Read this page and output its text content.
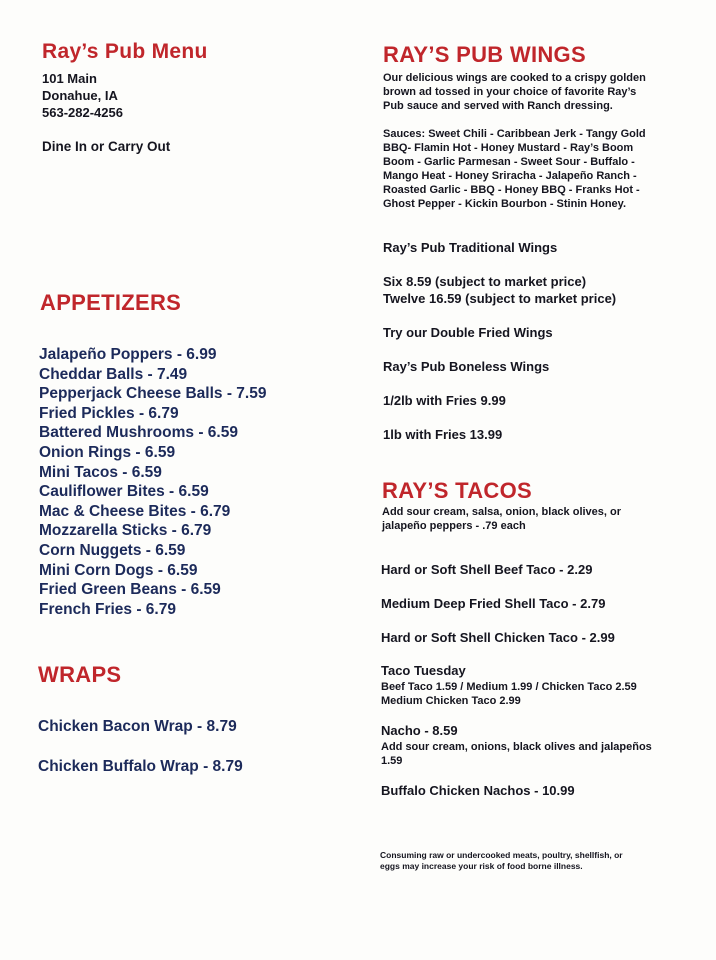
Ray’s Pub Menu

101 Main

Donahue, IA

563-282-4256

Dine In or Carry Out

APPETIZERS
Jalapeño Poppers - 6.99
Cheddar Balls - 7.49
Pepperjack Cheese Balls - 7.59
Fried Pickles - 6.79
Battered Mushrooms - 6.59
Onion Rings - 6.59
Mini Tacos - 6.59
Cauliflower Bites - 6.59
Mac & Cheese Bites - 6.79
Mozzarella Sticks - 6.79
Corn Nuggets - 6.59
Mini Corn Dogs - 6.59
Fried Green Beans - 6.59
French Fries - 6.79
WRAPS
Chicken Bacon Wrap - 8.79
Chicken Buffalo Wrap - 8.79
RAY’S PUB WINGS

Our delicious wings are cooked to a crispy golden

brown ad tossed in your choice of favorite Ray’s

Pub sauce and served with Ranch dressing.

Sauces: Sweet Chili - Caribbean Jerk - Tangy Gold

BBQ- Flamin Hot - Honey Mustard - Ray’s Boom

Boom - Garlic Parmesan - Sweet Sour - Buffalo -

Mango Heat - Honey Sriracha - Jalapeño Ranch -

Roasted Garlic - BBQ - Honey BBQ - Franks Hot -

Ghost Pepper - Kickin Bourbon - Stinin Honey.

Ray’s Pub Traditional Wings

Six 8.59 (subject to market price)

Twelve 16.59 (subject to market price)

Try our Double Fried Wings

Ray’s Pub Boneless Wings

1/2lb with Fries 9.99

1lb with Fries 13.99

RAY’S TACOS

Add sour cream, salsa, onion, black olives, or

jalapeño peppers - .79 each

Hard or Soft Shell Beef Taco - 2.29

Medium Deep Fried Shell Taco - 2.79

Hard or Soft Shell Chicken Taco - 2.99

Taco Tuesday

Beef Taco 1.59 / Medium 1.99 / Chicken Taco 2.59

Medium Chicken Taco 2.99

Nacho - 8.59

Add sour cream, onions, black olives and jalapeños

1.59

Buffalo Chicken Nachos - 10.99

Consuming raw or undercooked meats, poultry, shellfish, or

eggs may increase your risk of food borne illness.
